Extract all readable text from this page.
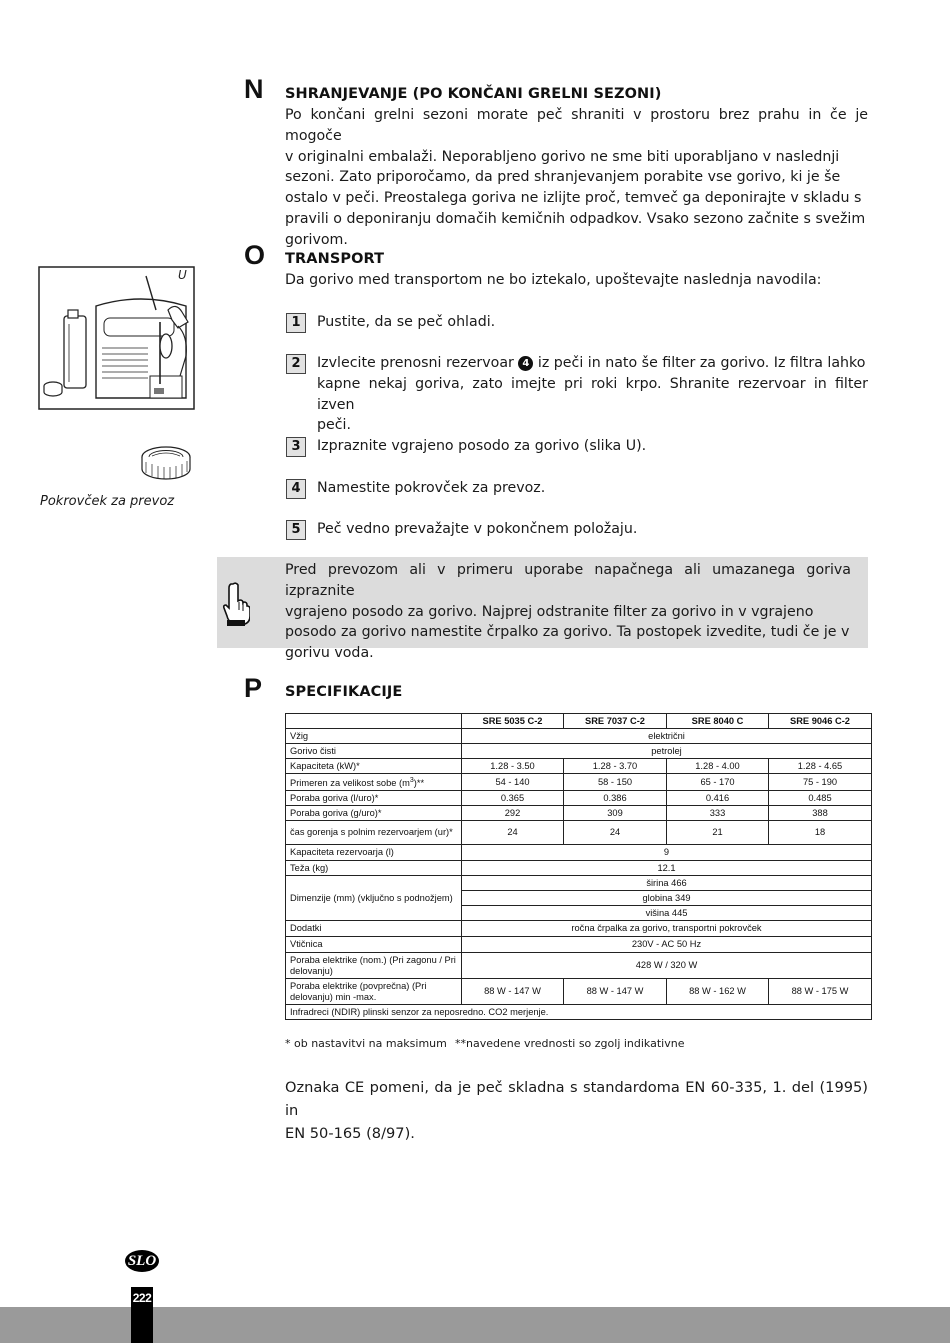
N SHRANJEVANJE (PO KONČANI GRELNI SEZONI)
Po končani grelni sezoni morate peč shraniti v prostoru brez prahu in če je mogoče
v originalni embalaži. Neporabljeno gorivo ne sme biti uporabljano v naslednji
sezoni. Zato priporočamo, da pred shranjevanjem porabite vse gorivo, ki je še
ostalo v peči. Preostalega goriva ne izlijte proč, temveč ga deponirajte v skladu s
pravili o deponiranju domačih kemičnih odpadkov. Vsako sezono začnite s svežim
gorivom.
O TRANSPORT
Da gorivo med transportom ne bo iztekalo, upoštevajte naslednja navodila:
U
Pokrovček za prevoz
1	Pustite, da se peč ohladi.
2	Izvlecite prenosni rezervoar 4 iz peči in nato še filter za gorivo. Iz filtra lahko
kapne nekaj goriva, zato imejte pri roki krpo. Shranite rezervoar in filter izven
peči.
3	Izpraznite vgrajeno posodo za gorivo (slika U).
4	Namestite pokrovček za prevoz.
5	Peč vedno prevažajte v pokončnem položaju.
Pred prevozom ali v primeru uporabe napačnega ali umazanega goriva izpraznite
vgrajeno posodo za gorivo. Najprej odstranite filter za gorivo in v vgrajeno
posodo za gorivo namestite črpalko za gorivo. Ta postopek izvedite, tudi če je v
gorivu voda.
P SPECIFIKACIJE
	SRE 5035 C-2	SRE 7037 C-2	SRE 8040 C	SRE 9046 C-2
Vžig	električni			
Gorivo čisti	petrolej			
Kapaciteta (kW)*	1.28 - 3.50	1.28 - 3.70	1.28 - 4.00	1.28 - 4.65
Primeren za velikost sobe $(m^3)**$	54 - 140	58 - 150	65 - 170	75 - 190
Poraba goriva (l/uro)*	0.365	0.386	0.416	0.485
Poraba goriva (g/uro)*	292	309	333	388
čas gorenja s polnim rezervoarjem (ur)*	24	24	21	18
Kapaciteta rezervoarja (l)	9			
Teža (kg)	12.1			
Dimenzije (mm) (vključno s podnožjem)	širina 466			
	globina 349			
	višina 445			
Dodatki	ročna črpalka za gorivo, transportni pokrovček			
Vtičnica	230V - AC 50 Hz			
Poraba elektrike (nom.) (Pri zagonu / Pri delovanju)	428 W / 320 W			
Poraba elektrike (povprečna) (Pri delovanju) min -max.	88 W - 147 W	88 W - 147 W	88 W - 162 W	88 W - 175 W
Infradreci (NDIR) plinski senzor za neposredno. CO2 merjenje.				
* ob nastavitvi na maksimum **navedene vrednosti so zgolj indikativne
Oznaka CE pomeni, da je peč skladna s standardoma EN 60-335, 1. del (1995) in
EN 50-165 (8/97).
SLO
222
